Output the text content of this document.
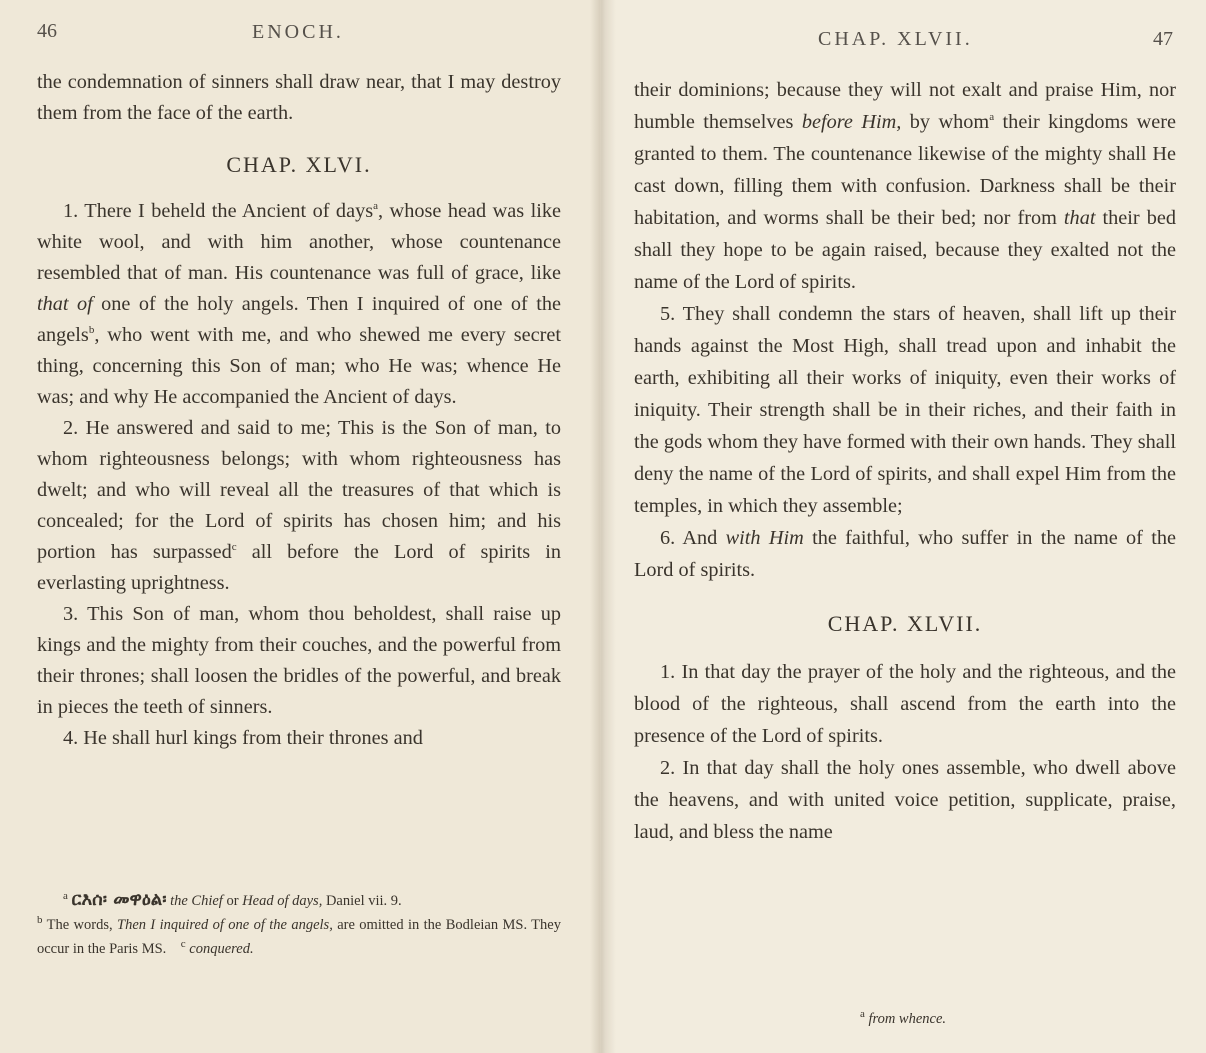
46	ENOCH.

the condemnation of sinners shall draw near, that I may destroy them from the face of the earth.

CHAP. XLVI.

1. There I beheld the Ancient of days$^a$, whose head was like white wool, and with him another, whose countenance resembled that of man. His countenance was full of grace, like that of one of the holy angels. Then I inquired of one of the angels$^b$, who went with me, and who shewed me every secret thing, concerning this Son of man; who He was; whence He was; and why He accompanied the Ancient of days.

2. He answered and said to me; This is the Son of man, to whom righteousness belongs; with whom righteousness has dwelt; and who will reveal all the treasures of that which is concealed; for the Lord of spirits has chosen him; and his portion has surpassed$^c$ all before the Lord of spirits in everlasting uprightness.

3. This Son of man, whom thou beholdest, shall raise up kings and the mighty from their couches, and the powerful from their thrones; shall loosen the bridles of the powerful, and break in pieces the teeth of sinners.

4. He shall hurl kings from their thrones and

$^a$ ርእሰ፡ መዋዕል፡ the Chief or Head of days, Daniel vii. 9.

$^b$ The words, Then I inquired of one of the angels, are omitted in the Bodleian MS. They occur in the Paris MS. $^c$ conquered.

CHAP. XLVII.	47

their dominions; because they will not exalt and praise Him, nor humble themselves before Him, by whom$^a$ their kingdoms were granted to them. The countenance likewise of the mighty shall He cast down, filling them with confusion. Darkness shall be their habitation, and worms shall be their bed; nor from that their bed shall they hope to be again raised, because they exalted not the name of the Lord of spirits.

5. They shall condemn the stars of heaven, shall lift up their hands against the Most High, shall tread upon and inhabit the earth, exhibiting all their works of iniquity, even their works of iniquity. Their strength shall be in their riches, and their faith in the gods whom they have formed with their own hands. They shall deny the name of the Lord of spirits, and shall expel Him from the temples, in which they assemble;

6. And with Him the faithful, who suffer in the name of the Lord of spirits.

CHAP. XLVII.

1. In that day the prayer of the holy and the righteous, and the blood of the righteous, shall ascend from the earth into the presence of the Lord of spirits.

2. In that day shall the holy ones assemble, who dwell above the heavens, and with united voice petition, supplicate, praise, laud, and bless the name

$^a$ from whence.
